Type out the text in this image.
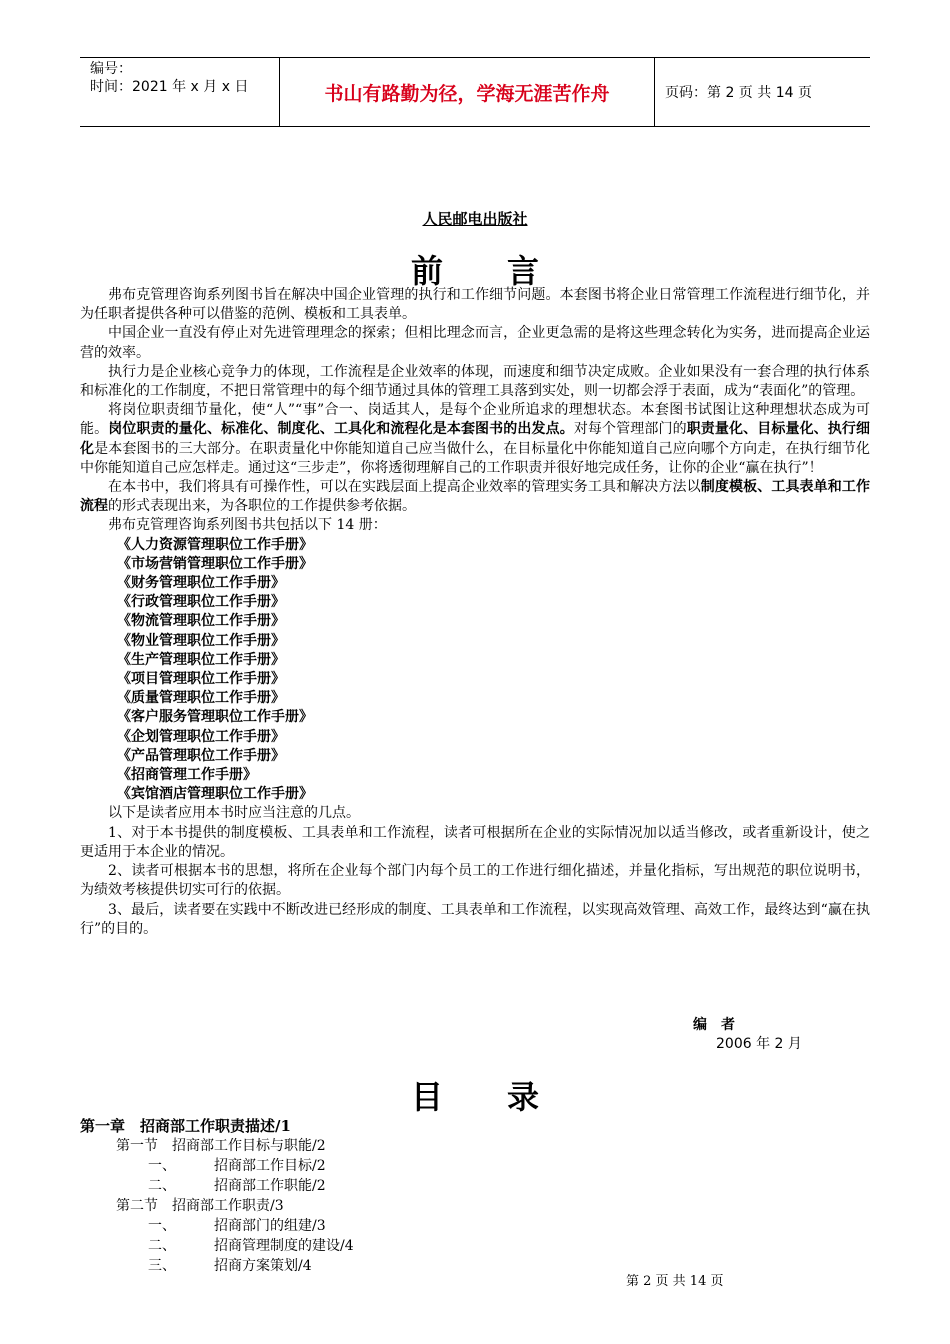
编号：
时间：2021 年 x 月 x 日	书山有路勤为径，学海无涯苦作舟	页码：第 2 页 共 14 页
人民邮电出版社
前　　言

弗布克管理咨询系列图书旨在解决中国企业管理的执行和工作细节问题。本套图书将企业日常管理工作流程进行细节化，并为任职者提供各种可以借鉴的范例、模板和工具表单。

中国企业一直没有停止对先进管理理念的探索；但相比理念而言，企业更急需的是将这些理念转化为实务，进而提高企业运营的效率。

执行力是企业核心竞争力的体现，工作流程是企业效率的体现，而速度和细节决定成败。企业如果没有一套合理的执行体系和标准化的工作制度，不把日常管理中的每个细节通过具体的管理工具落到实处，则一切都会浮于表面，成为“表面化”的管理。

将岗位职责细节量化，使“人”“事”合一、岗适其人，是每个企业所追求的理想状态。本套图书试图让这种理想状态成为可能。岗位职责的量化、标准化、制度化、工具化和流程化是本套图书的出发点。对每个管理部门的职责量化、目标量化、执行细化是本套图书的三大部分。在职责量化中你能知道自己应当做什么，在目标量化中你能知道自己应向哪个方向走，在执行细节化中你能知道自己应怎样走。通过这“三步走”，你将透彻理解自己的工作职责并很好地完成任务，让你的企业“赢在执行”！

在本书中，我们将具有可操作性，可以在实践层面上提高企业效率的管理实务工具和解决方法以制度模板、工具表单和工作流程的形式表现出来，为各职位的工作提供参考依据。

弗布克管理咨询系列图书共包括以下 14 册：

《人力资源管理职位工作手册》
《市场营销管理职位工作手册》
《财务管理职位工作手册》
《行政管理职位工作手册》
《物流管理职位工作手册》
《物业管理职位工作手册》
《生产管理职位工作手册》
《项目管理职位工作手册》
《质量管理职位工作手册》
《客户服务管理职位工作手册》
《企划管理职位工作手册》
《产品管理职位工作手册》
《招商管理工作手册》
《宾馆酒店管理职位工作手册》

以下是读者应用本书时应当注意的几点。

1、对于本书提供的制度模板、工具表单和工作流程，读者可根据所在企业的实际情况加以适当修改，或者重新设计，使之更适用于本企业的情况。

2、读者可根据本书的思想，将所在企业每个部门内每个员工的工作进行细化描述，并量化指标，写出规范的职位说明书，为绩效考核提供切实可行的依据。

3、最后，读者要在实践中不断改进已经形成的制度、工具表单和工作流程，以实现高效管理、高效工作，最终达到“赢在执行”的目的。

编　者
2006 年 2 月
目　　录
第一章　招商部工作职责描述/1
第一节　招商部工作目标与职能/2
一、	招商部工作目标/2
二、	招商部工作职能/2
第二节　招商部工作职责/3
一、	招商部门的组建/3
二、	招商管理制度的建设/4
三、	招商方案策划/4
第 2 页 共 14 页
